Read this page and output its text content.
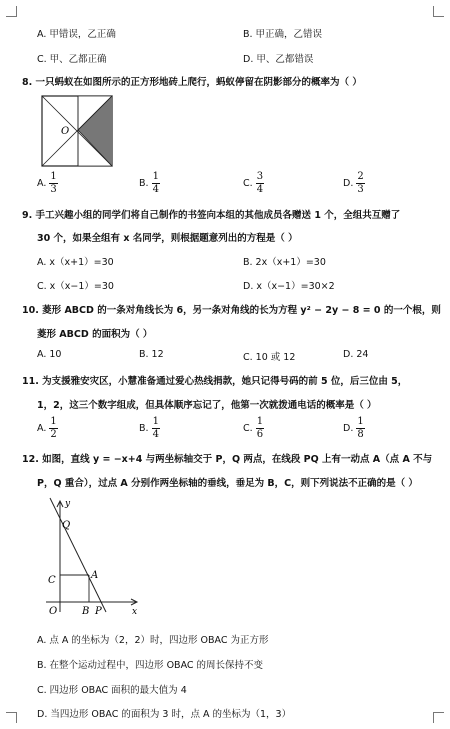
A. 甲错误，乙正确	B. 甲正确，乙错误
C. 甲、乙都正确	D. 甲、乙都错误
8. 一只蚂蚁在如图所示的正方形地砖上爬行，蚂蚁停留在阴影部分的概率为（ ）
O
A. $\frac{1}{3}$	B. $\frac{1}{4}$	C. $\frac{3}{4}$	D. $\frac{2}{3}$
9. 手工兴趣小组的同学们将自己制作的书签向本组的其他成员各赠送 1 个，全组共互赠了
30 个，如果全组有 x 名同学，则根据题意列出的方程是（ ）
A. x（x+1）=30	B. 2x（x+1）=30
C. x（x−1）=30	D. x（x−1）=30×2
10. 菱形 ABCD 的一条对角线长为 6，另一条对角线的长为方程 y² − 2y − 8 = 0 的一个根，则
菱形 ABCD 的面积为（ ）
A. 10	B. 12	C. 10 或 12	D. 24
11. 为支援雅安灾区，小慧准备通过爱心热线捐款，她只记得号码的前 5 位，后三位由 5，
1，2，这三个数字组成，但具体顺序忘记了，他第一次就拨通电话的概率是（ ）
A. $\frac{1}{2}$	B. $\frac{1}{4}$	C. $\frac{1}{6}$	D. $\frac{1}{8}$
12. 如图，直线 y = −x+4 与两坐标轴交于 P，Q 两点，在线段 PQ 上有一动点 A（点 A 不与
P，Q 重合），过点 A 分别作两坐标轴的垂线，垂足为 B，C，则下列说法不正确的是（ ）
y
x
Q
C	A
O B P
A. 点 A 的坐标为（2，2）时，四边形 OBAC 为正方形
B. 在整个运动过程中，四边形 OBAC 的周长保持不变
C. 四边形 OBAC 面积的最大值为 4
D. 当四边形 OBAC 的面积为 3 时，点 A 的坐标为（1，3）
